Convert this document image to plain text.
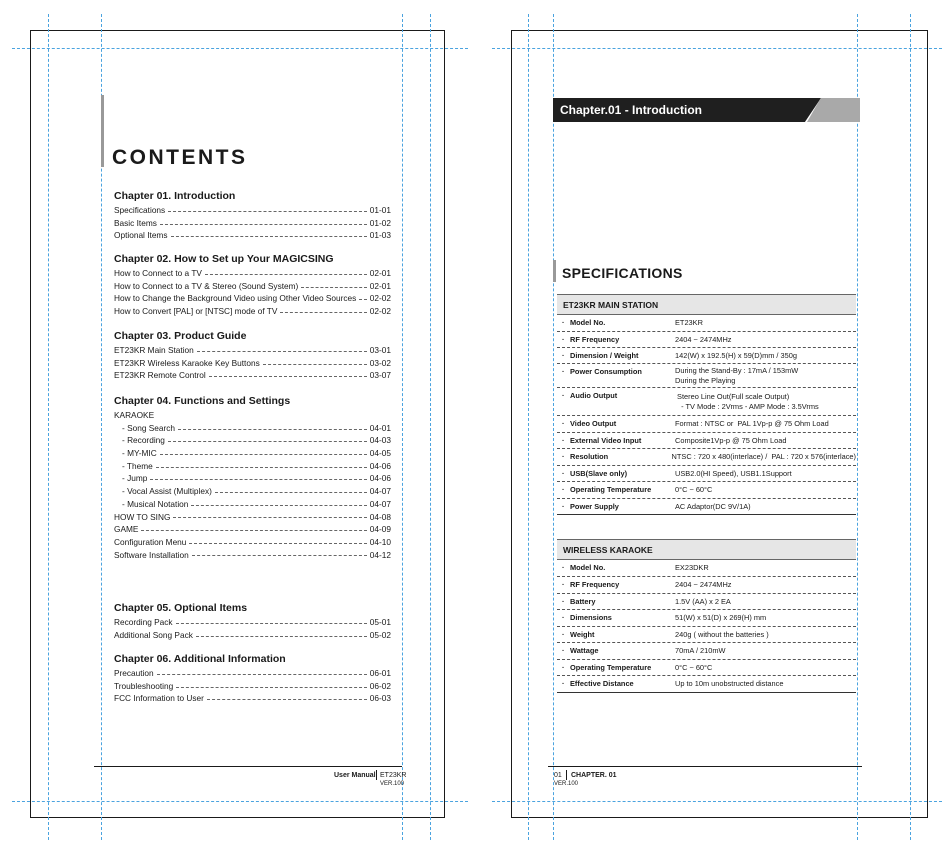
CONTENTS
Chapter 01. Introduction
Specifications	01-01
Basic Items	01-02
Optional Items	01-03
Chapter 02. How to Set up Your MAGICSING
How to Connect to a TV	02-01
How to Connect to a TV & Stereo (Sound System)	02-01
How to Change the Background Video using Other Video Sources 02-02
How to Convert [PAL] or [NTSC] mode of TV	02-02
Chapter 03. Product Guide
ET23KR Main Station	03-01
ET23KR Wireless Karaoke Key Buttons	03-02
ET23KR Remote Control	03-07
Chapter 04. Functions and Settings
KARAOKE
- Song Search	04-01
- Recording	04-03
- MY-MIC	04-05
- Theme	04-06
- Jump	04-06
- Vocal Assist (Multiplex)	04-07
- Musical Notation	04-07
HOW TO SING	04-08
GAME	04-09
Configuration Menu	04-10
Software Installation	04-12
Chapter 05. Optional Items
Recording Pack	05-01
Additional Song Pack	05-02
Chapter 06. Additional Information
Precaution	06-01
Troubleshooting	06-02
FCC Information to User	06-03
User Manual ET23KR
VER.100
Chapter.01 - Introduction
SPECIFICATIONS
ET23KR MAIN STATION
· Model No.	ET23KR
· RF Frequency	2404 ~ 2474MHz
· Dimension / Weight	142(W) x 192.5(H) x 59(D)mm / 350g
· Power Consumption	During the Stand-By : 17mA / 153mW
During the Playing
· Audio Output	Stereo Line Out(Full scale Output)
- TV Mode : 2Vrms - AMP Mode : 3.5Vrms
· Video Output	Format : NTSC or  PAL 1Vp-p @ 75 Ohm Load
· External Video Input	Composite1Vp-p @ 75 Ohm Load
· Resolution	NTSC : 720 x 480(interlace) /  PAL : 720 x 576(interlace)
· USB(Slave only)	USB2.0(HI Speed), USB1.1Support
· Operating Temperature	0°C ~ 60°C
· Power Supply	AC Adaptor(DC 9V/1A)
WIRELESS KARAOKE
· Model No.	EX23DKR
· RF Frequency	2404 ~ 2474MHz
· Battery	1.5V (AA) x 2 EA
· Dimensions	51(W) x 51(D) x 269(H) mm
· Weight	240g ( without the batteries )
· Wattage	70mA / 210mW
· Operating Temperature	0°C ~ 60°C
· Effective Distance	Up to 10m unobstructed distance
01 CHAPTER. 01
VER.100
